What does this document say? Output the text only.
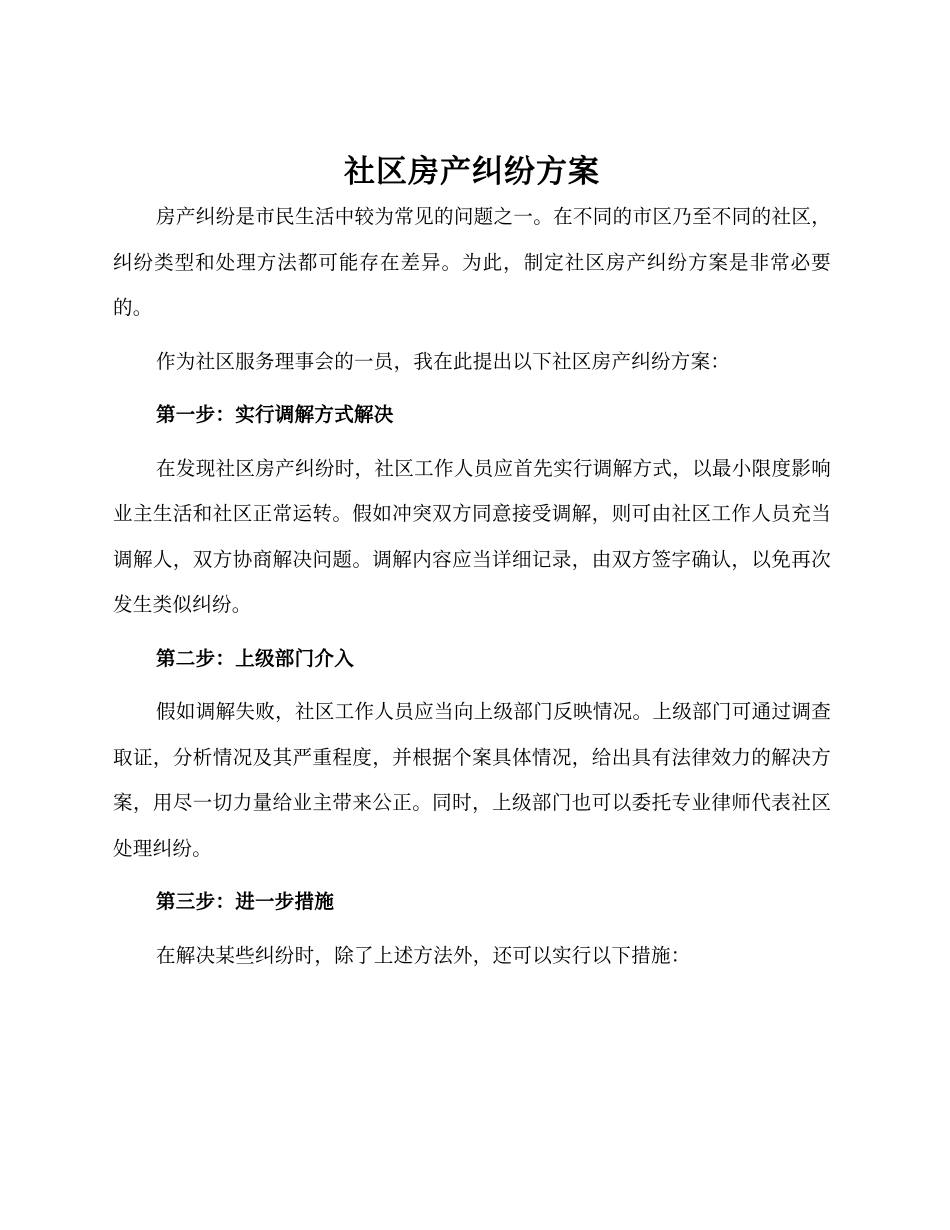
社区房产纠纷方案

房产纠纷是市民生活中较为常见的问题之一。在不同的市区乃至不同的社区，纠纷类型和处理方法都可能存在差异。为此，制定社区房产纠纷方案是非常必要的。

作为社区服务理事会的一员，我在此提出以下社区房产纠纷方案：

第一步：实行调解方式解决

在发现社区房产纠纷时，社区工作人员应首先实行调解方式，以最小限度影响业主生活和社区正常运转。假如冲突双方同意接受调解，则可由社区工作人员充当调解人，双方协商解决问题。调解内容应当详细记录，由双方签字确认，以免再次发生类似纠纷。

第二步：上级部门介入

假如调解失败，社区工作人员应当向上级部门反映情况。上级部门可通过调查取证，分析情况及其严重程度，并根据个案具体情况，给出具有法律效力的解决方案，用尽一切力量给业主带来公正。同时，上级部门也可以委托专业律师代表社区处理纠纷。

第三步：进一步措施

在解决某些纠纷时，除了上述方法外，还可以实行以下措施：
